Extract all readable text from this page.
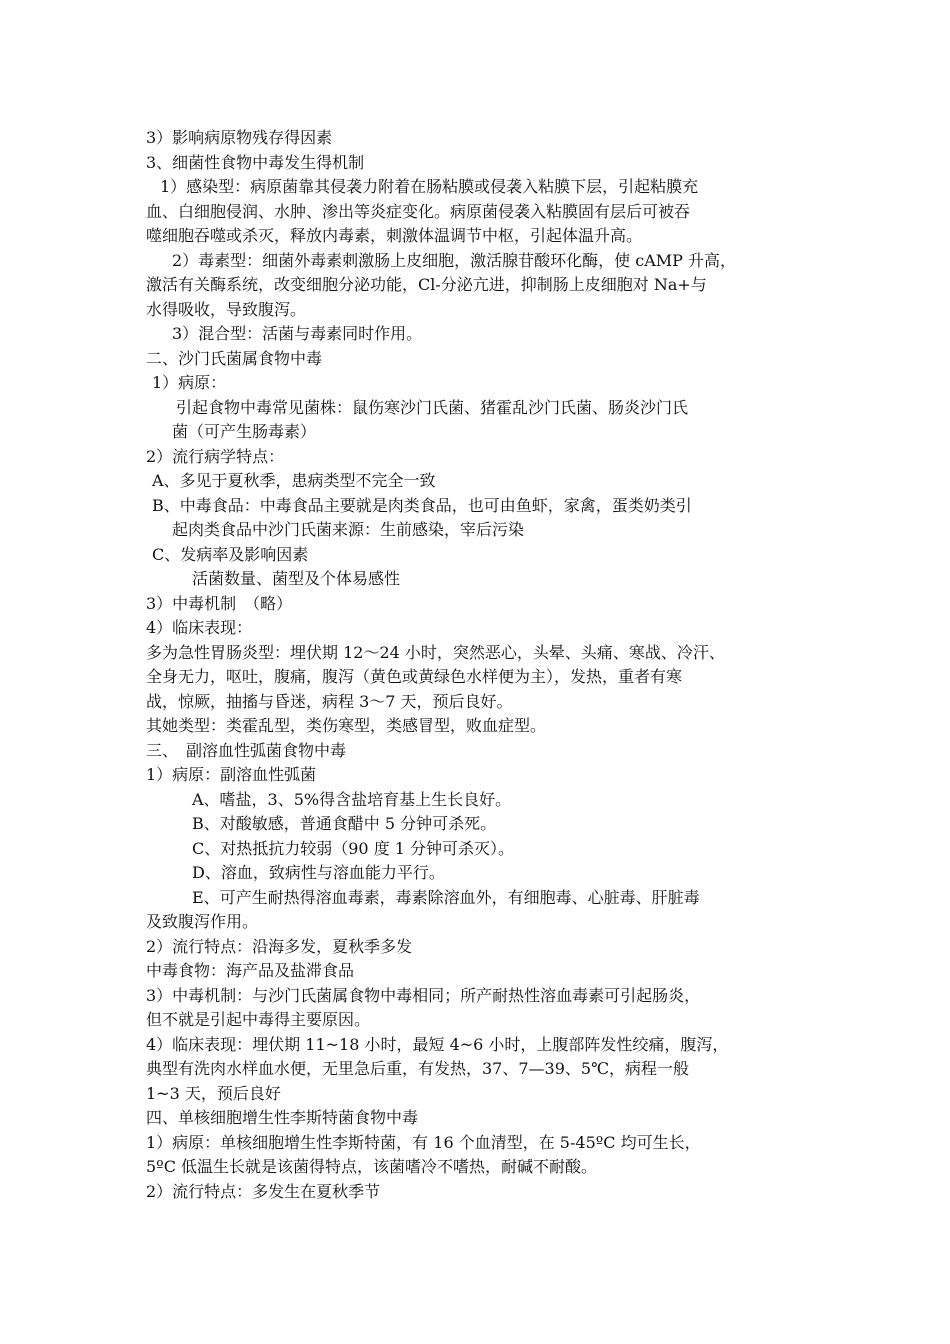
3）影响病原物残存得因素
3、细菌性食物中毒发生得机制
1）感染型：病原菌靠其侵袭力附着在肠粘膜或侵袭入粘膜下层，引起粘膜充
血、白细胞侵润、水肿、渗出等炎症变化。病原菌侵袭入粘膜固有层后可被吞
噬细胞吞噬或杀灭，释放内毒素，刺激体温调节中枢，引起体温升高。
2）毒素型：细菌外毒素刺激肠上皮细胞，激活腺苷酸环化酶，使 cAMP 升高，
激活有关酶系统，改变细胞分泌功能，Cl-分泌亢进，抑制肠上皮细胞对 Na+与
水得吸收，导致腹泻。
3）混合型：活菌与毒素同时作用。
二、沙门氏菌属食物中毒
1）病原：
引起食物中毒常见菌株：鼠伤寒沙门氏菌、猪霍乱沙门氏菌、肠炎沙门氏
菌（可产生肠毒素）
2）流行病学特点：
A、多见于夏秋季，患病类型不完全一致
B、中毒食品：中毒食品主要就是肉类食品，也可由鱼虾，家禽，蛋类奶类引
起肉类食品中沙门氏菌来源：生前感染，宰后污染
C、发病率及影响因素
活菌数量、菌型及个体易感性
3）中毒机制　（略）
4）临床表现：
多为急性胃肠炎型：埋伏期 12～24 小时，突然恶心，头晕、头痛、寒战、冷汗、
全身无力，呕吐，腹痛，腹泻（黄色或黄绿色水样便为主），发热，重者有寒
战，惊厥，抽搐与昏迷，病程 3～7 天，预后良好。
其她类型：类霍乱型，类伤寒型，类感冒型，败血症型。
三、　副溶血性弧菌食物中毒
1）病原：副溶血性弧菌
A、嗜盐，3、5%得含盐培育基上生长良好。
B、对酸敏感，普通食醋中 5 分钟可杀死。
C、对热抵抗力较弱（90 度 1 分钟可杀灭）。
D、溶血，致病性与溶血能力平行。
E、可产生耐热得溶血毒素，毒素除溶血外，有细胞毒、心脏毒、肝脏毒
及致腹泻作用。
2）流行特点：沿海多发，夏秋季多发
中毒食物：海产品及盐滞食品
3）中毒机制：与沙门氏菌属食物中毒相同；所产耐热性溶血毒素可引起肠炎，
但不就是引起中毒得主要原因。
4）临床表现：埋伏期 11~18 小时，最短 4~6 小时，上腹部阵发性绞痛，腹泻，
典型有洗肉水样血水便，无里急后重，有发热，37、7—39、5℃，病程一般
1~3 天，预后良好
四、单核细胞增生性李斯特菌食物中毒
1）病原：单核细胞增生性李斯特菌，有 16 个血清型，在 5-45ºC 均可生长，
5ºC 低温生长就是该菌得特点，该菌嗜冷不嗜热，耐碱不耐酸。
2）流行特点：多发生在夏秋季节
